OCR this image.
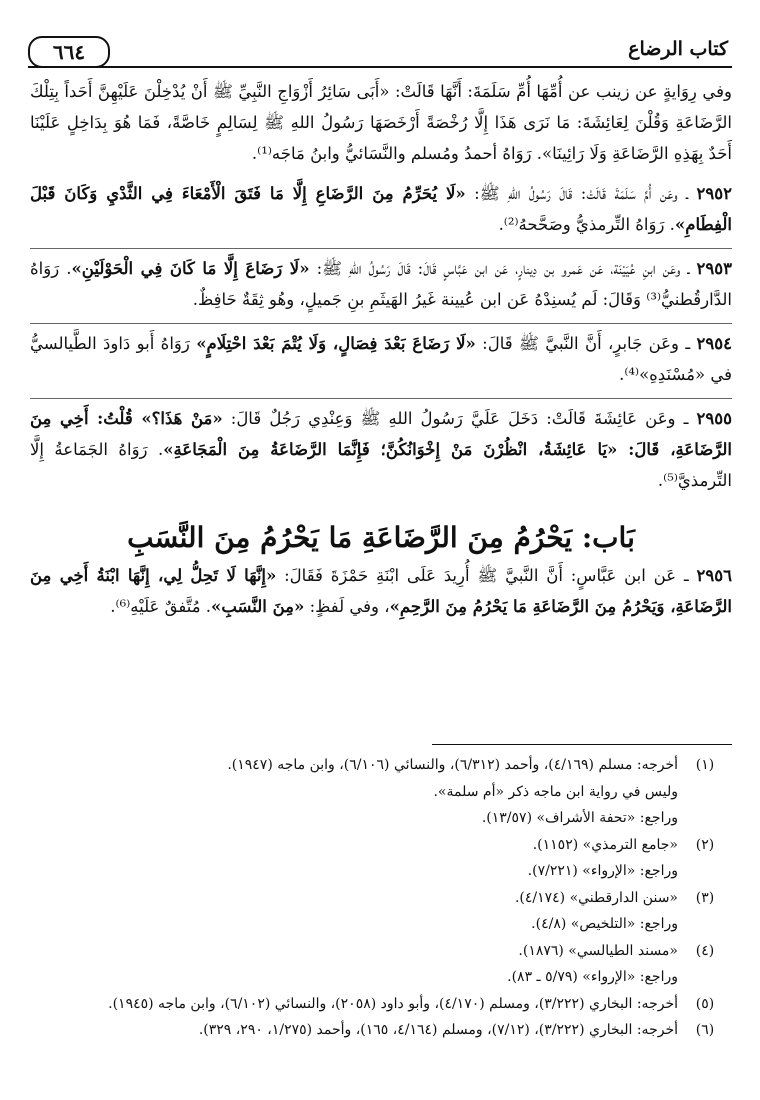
كتاب الرضاع
٦٦٤

وفي رِوَايةٍ عن زينب عن أُمِّهَا أُمِّ سَلَمَةَ: أَنَّهَا قَالَتْ: «أَبَى سَائِرُ أَزْوَاجِ النَّبِيِّ ﷺ أَنْ يُدْخِلْنَ عَلَيْهِنَّ أَحَداً بِتِلْكَ الرَّضَاعَةِ وَقُلْنَ لِعَائِشَةَ: مَا نَرَى هَذَا إِلَّا رُخْصَةً أَرْخَصَهَا رَسُولُ اللهِ ﷺ لِسَالِمٍ خَاصَّةً، فَمَا هُوَ بِدَاخِلٍ عَلَيْنَا أَحَدٌ بِهَذِهِ الرَّضَاعَةِ وَلَا رَائِينَا». رَوَاهُ أحمدُ ومُسلم والنَّسَائيُّ وابنُ مَاجَه⁽¹⁾.

٢٩٥٢ ـ وعَن أُمِّ سَلَمَةَ قَالَتْ: قَالَ رَسُولُ اللهِ ﷺ: «لَا يُحَرِّمُ مِنَ الرَّضَاعِ إِلَّا مَا فَتَقَ الْأَمْعَاءَ فِي الثَّدْيِ وَكَانَ قَبْلَ الْفِطَامِ». رَوَاهُ التِّرمذيُّ وصَحَّحهُ⁽²⁾.

٢٩٥٣ ـ وعَن ابنِ عُيَيْنَة، عَن عَمرو بن دِينارٍ، عَن ابن عَبَّاسٍ قَالَ: قَالَ رَسُولُ اللهِ ﷺ: «لَا رَضَاعَ إِلَّا مَا كَانَ فِي الْحَوْلَيْنِ». رَوَاهُ الدَّارقُطنيُّ⁽³⁾ وَقَالَ: لَم يُسنِدْهُ عَن ابن عُيينة غَيرُ الهَيثَمِ بنِ جَميلٍ، وهُو ثِقَةٌ حَافِظٌ.

٢٩٥٤ ـ وعَن جَابرٍ، أَنَّ النَّبيَّ ﷺ قَالَ: «لَا رَضَاعَ بَعْدَ فِصَالٍ، وَلَا يُتْمَ بَعْدَ احْتِلَامٍ» رَوَاهُ أَبو دَاودَ الطَّيالسيُّ في «مُسْنَدِهِ»⁽⁴⁾.

٢٩٥٥ ـ وعَن عَائِشَةَ قَالَتْ: دَخَلَ عَلَيَّ رَسُولُ اللهِ ﷺ وَعِنْدِي رَجُلٌ قَالَ: «مَنْ هَذَا؟» قُلْتُ: أَخِي مِنَ الرَّضَاعَةِ، قَالَ: «يَا عَائِشَةُ، انْظُرْنَ مَنْ إِخْوَانُكُنَّ؛ فَإِنَّمَا الرَّضَاعَةُ مِنَ الْمَجَاعَةِ». رَوَاهُ الجَمَاعةُ إِلَّا التِّرمذيَّ⁽⁵⁾.

بَاب: يَحْرُمُ مِنَ الرَّضَاعَةِ مَا يَحْرُمُ مِنَ النَّسَبِ

٢٩٥٦ ـ عَن ابن عَبَّاسٍ: أَنَّ النَّبيَّ ﷺ أُرِيدَ عَلَى ابْنَةِ حَمْزَةَ فَقَالَ: «إِنَّهَا لَا تَحِلُّ لِي، إِنَّهَا ابْنَةُ أَخِي مِنَ الرَّضَاعَةِ، وَيَحْرُمُ مِنَ الرَّضَاعَةِ مَا يَحْرُمُ مِنَ الرَّحِمِ»، وفي لَفظٍ: «مِنَ النَّسَبِ». مُتَّفقٌ عَلَيْهِ⁽⁶⁾.

(١)
أخرجه: مسلم (٤/١٦٩)، وأحمد (٦/٣١٢)، والنسائي (٦/١٠٦)، وابن ماجه (١٩٤٧).
وليس في رواية ابن ماجه ذكر «أم سلمة».
وراجع: «تحفة الأشراف» (١٣/٥٧).
(٢)
«جامع الترمذي» (١١٥٢).
وراجع: «الإرواء» (٧/٢٢١).
(٣)
«سنن الدارقطني» (٤/١٧٤).
وراجع: «التلخيص» (٤/٨).
(٤)
«مسند الطيالسي» (١٨٧٦).
وراجع: «الإرواء» (٥/٧٩ ـ ٨٣).
(٥)
أخرجه: البخاري (٣/٢٢٢)، ومسلم (٤/١٧٠)، وأبو داود (٢٠٥٨)، والنسائي (٦/١٠٢)، وابن ماجه (١٩٤٥).
(٦)
أخرجه: البخاري (٣/٢٢٢)، (٧/١٢)، ومسلم (٤/١٦٤، ١٦٥)، وأحمد (١/٢٧٥، ٢٩٠، ٣٢٩).
